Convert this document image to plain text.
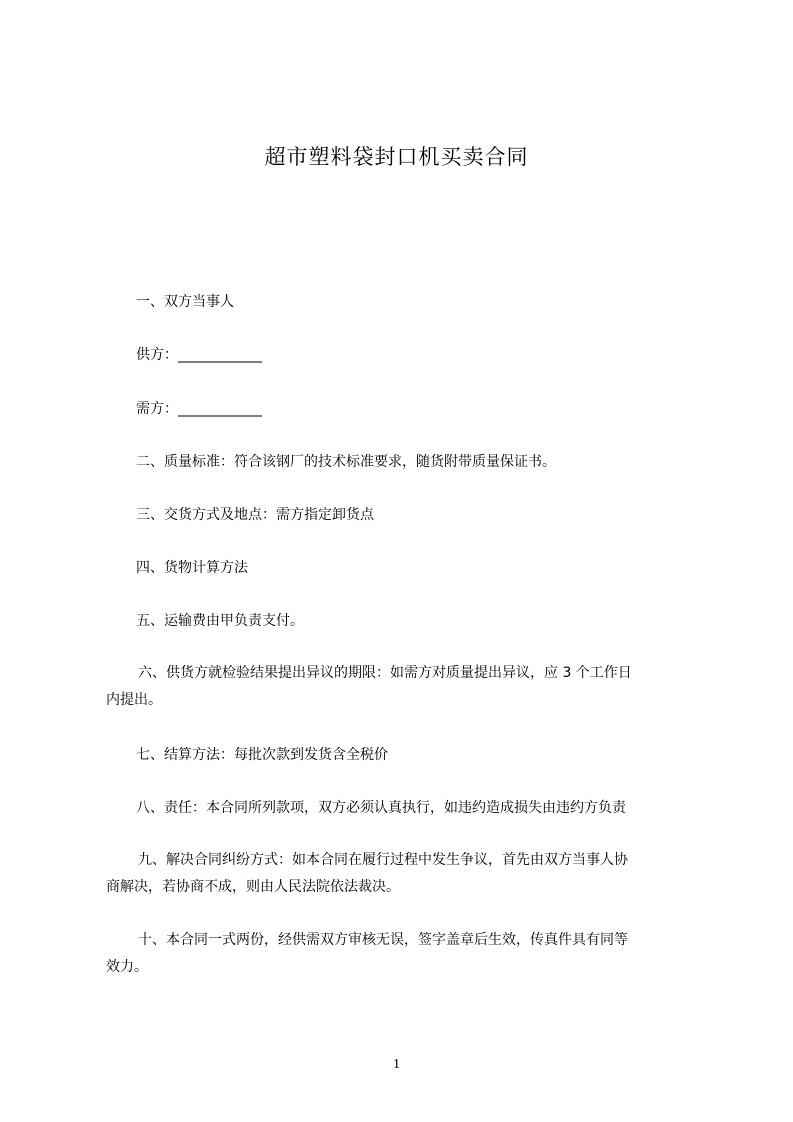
超市塑料袋封口机买卖合同
一、双方当事人
供方：____________
需方：____________
二、质量标准：符合该钢厂的技术标准要求，随货附带质量保证书。
三、交货方式及地点：需方指定卸货点
四、货物计算方法
五、运输费由甲负责支付。
六、供货方就检验结果提出异议的期限：如需方对质量提出异议，应 3 个工作日
内提出。
七、结算方法：每批次款到发货含全税价
八、责任：本合同所列款项，双方必须认真执行，如违约造成损失由违约方负责
九、解决合同纠纷方式：如本合同在履行过程中发生争议，首先由双方当事人协
商解决，若协商不成，则由人民法院依法裁决。
十、本合同一式两份，经供需双方审核无误，签字盖章后生效，传真件具有同等
效力。
1
